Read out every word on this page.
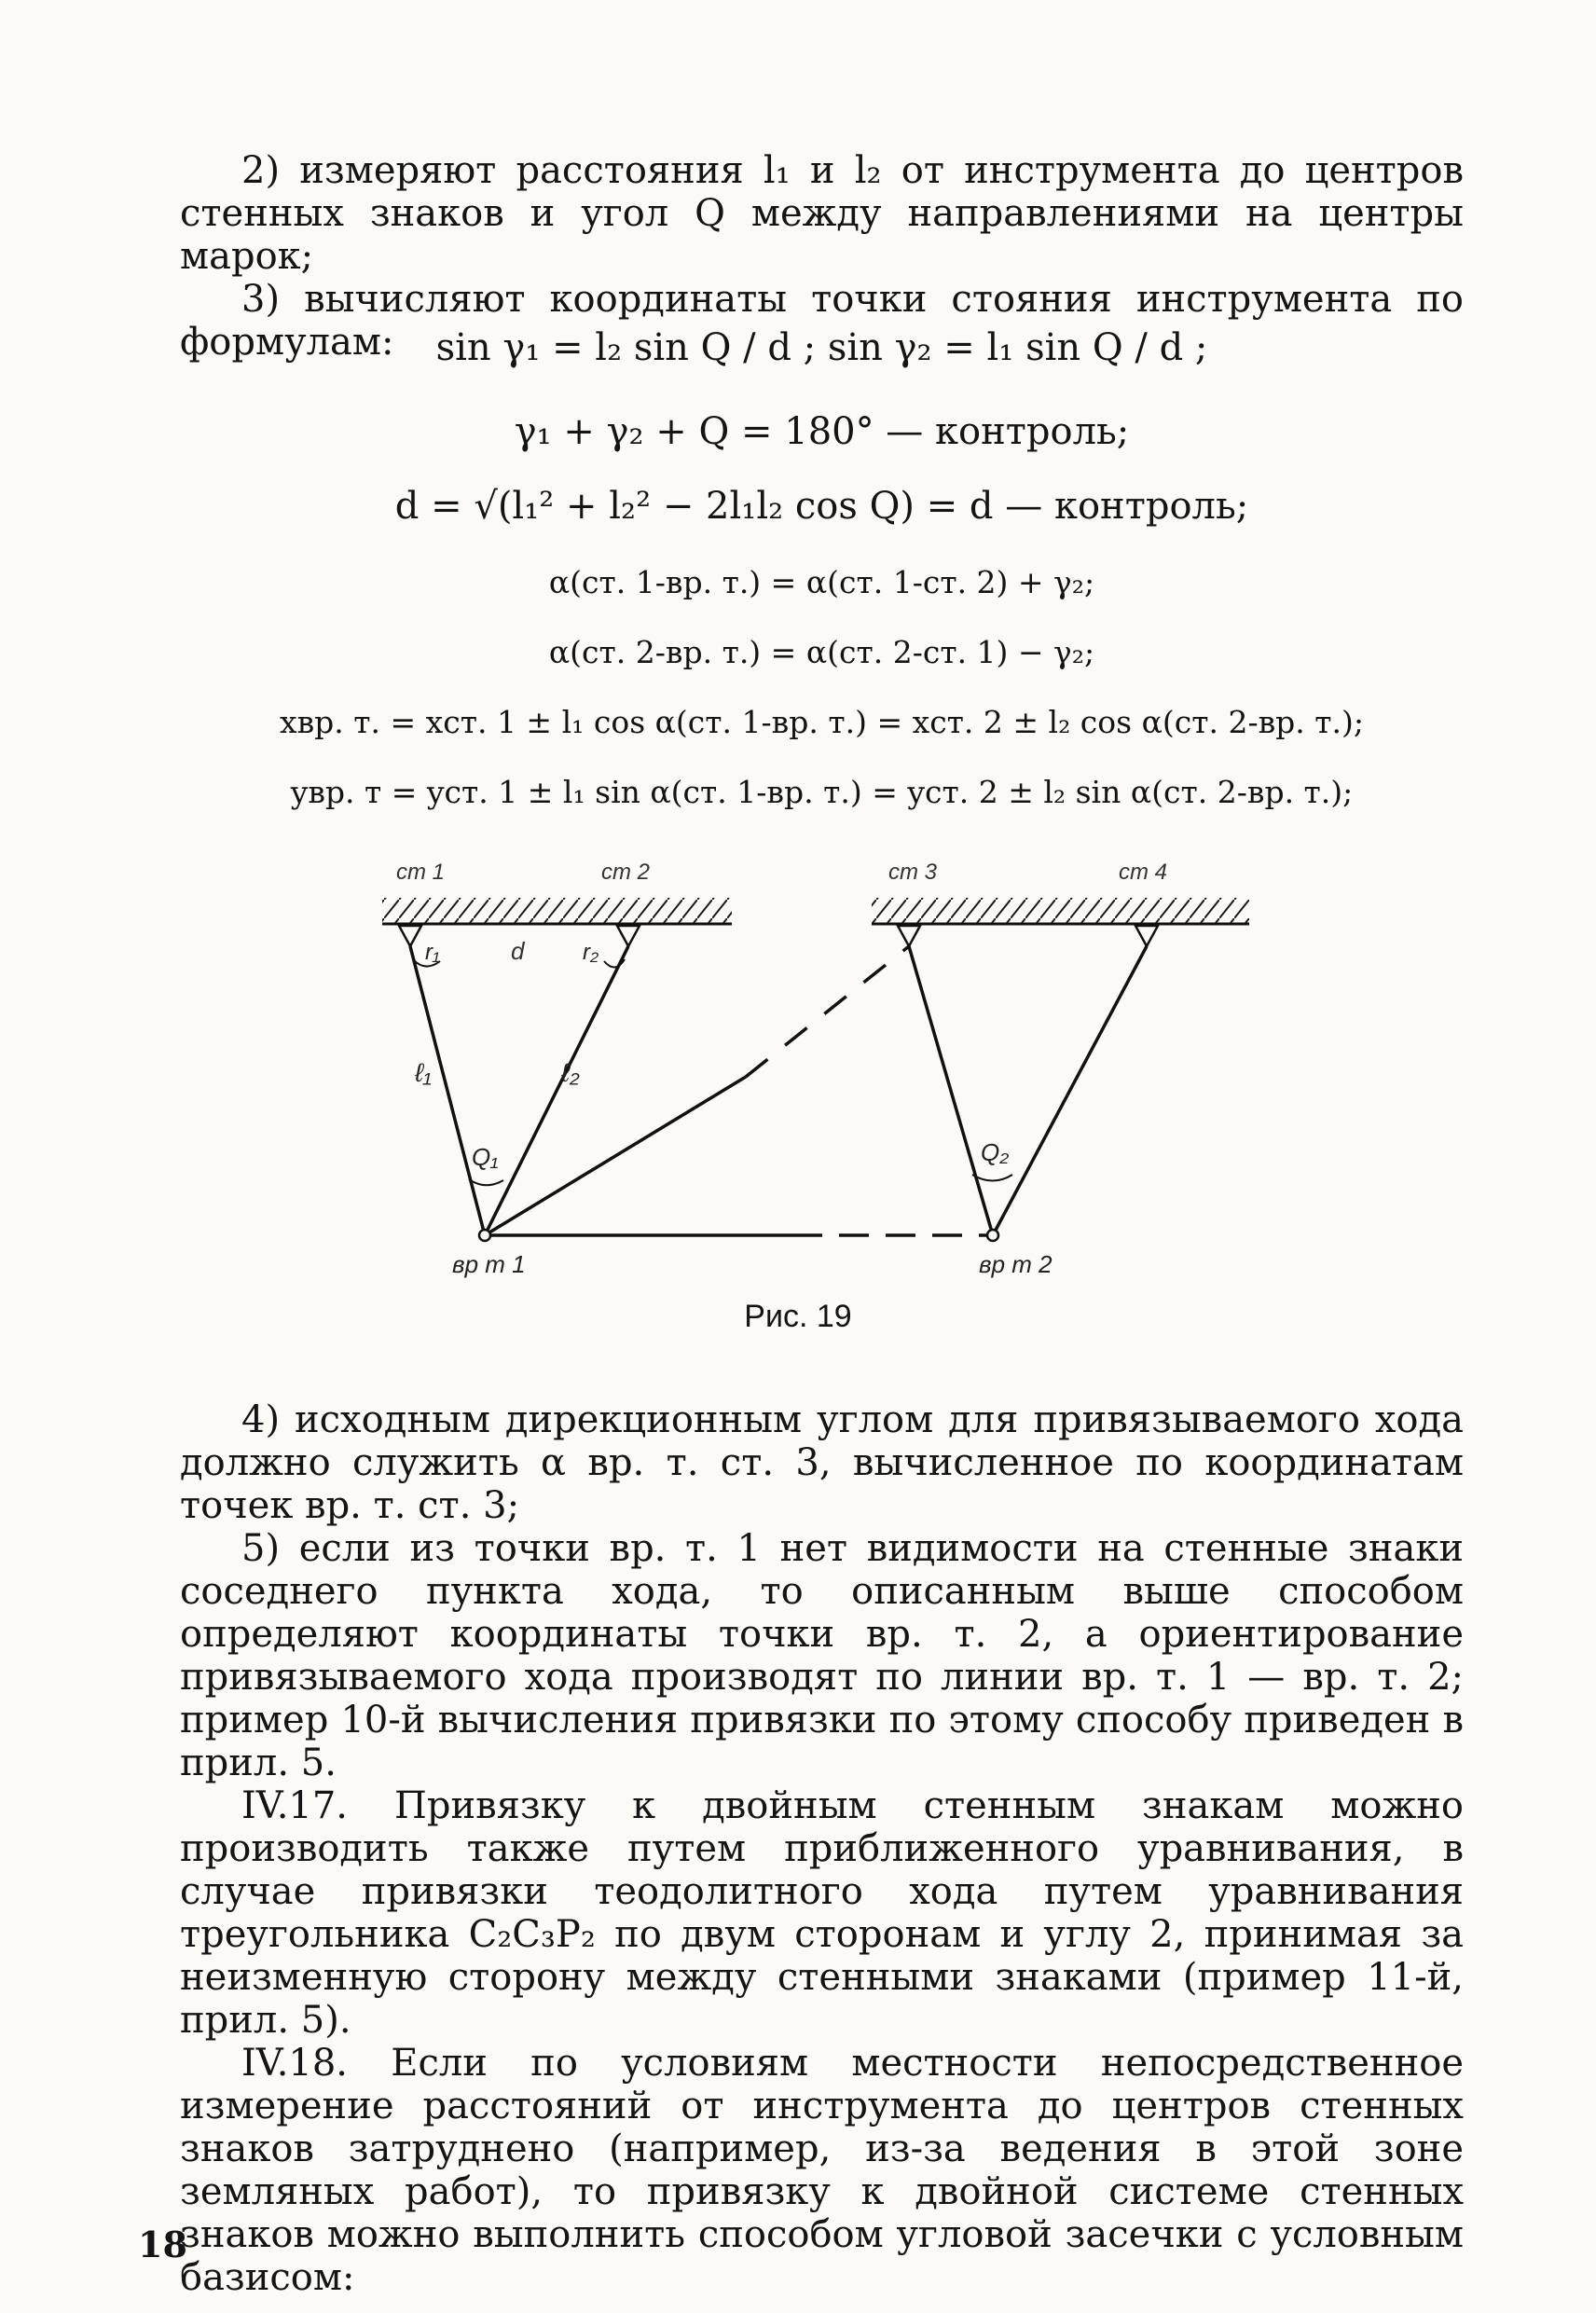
2) измеряют расстояния l₁ и l₂ от инструмента до центров стенных знаков и угол Q между направлениями на центры марок;

3) вычисляют координаты точки стояния инструмента по формулам:	sin γ₁ = l₂ sin Q / d ; sin γ₂ = l₁ sin Q / d ;
γ₁ + γ₂ + Q = 180° — контроль;
d = √(l₁² + l₂² − 2l₁l₂ cos Q) = d — контроль;
α(ст. 1-вр. т.) = α(ст. 1-ст. 2) + γ₂;
α(ст. 2-вр. т.) = α(ст. 2-ст. 1) − γ₂;
xвр. т. = xст. 1 ± l₁ cos α(ст. 1-вр. т.) = xст. 2 ± l₂ cos α(ст. 2-вр. т.);
yвр. т = yст. 1 ± l₁ sin α(ст. 1-вр. т.) = yст. 2 ± l₂ sin α(ст. 2-вр. т.);
ст 1	ст 2	ст 3	ст 4
r₁	d	r₂
ℓ₁	ℓ₂
Q₁	Q₂
вр т 1	вр т 2
Рис. 19

4) исходным дирекционным углом для привязываемого хода должно служить α вр. т. ст. 3, вычисленное по координатам точек вр. т. ст. 3;

5) если из точки вр. т. 1 нет видимости на стенные знаки соседнего пункта хода, то описанным выше способом определяют координаты точки вр. т. 2, а ориентирование привязываемого хода производят по линии вр. т. 1 — вр. т. 2; пример 10-й вычисления привязки по этому способу приведен в прил. 5.

IV.17. Привязку к двойным стенным знакам можно производить также путем приближенного уравнивания, в случае привязки теодолитного хода путем уравнивания треугольника C₂C₃P₂ по двум сторонам и углу 2, принимая за неизменную сторону между стенными знаками (пример 11-й, прил. 5).

IV.18. Если по условиям местности непосредственное измерение расстояний от инструмента до центров стенных знаков затруднено (например, из-за ведения в этой зоне земляных работ), то привязку к двойной системе стенных знаков можно выполнить способом угловой засечки с условным базисом:

18
